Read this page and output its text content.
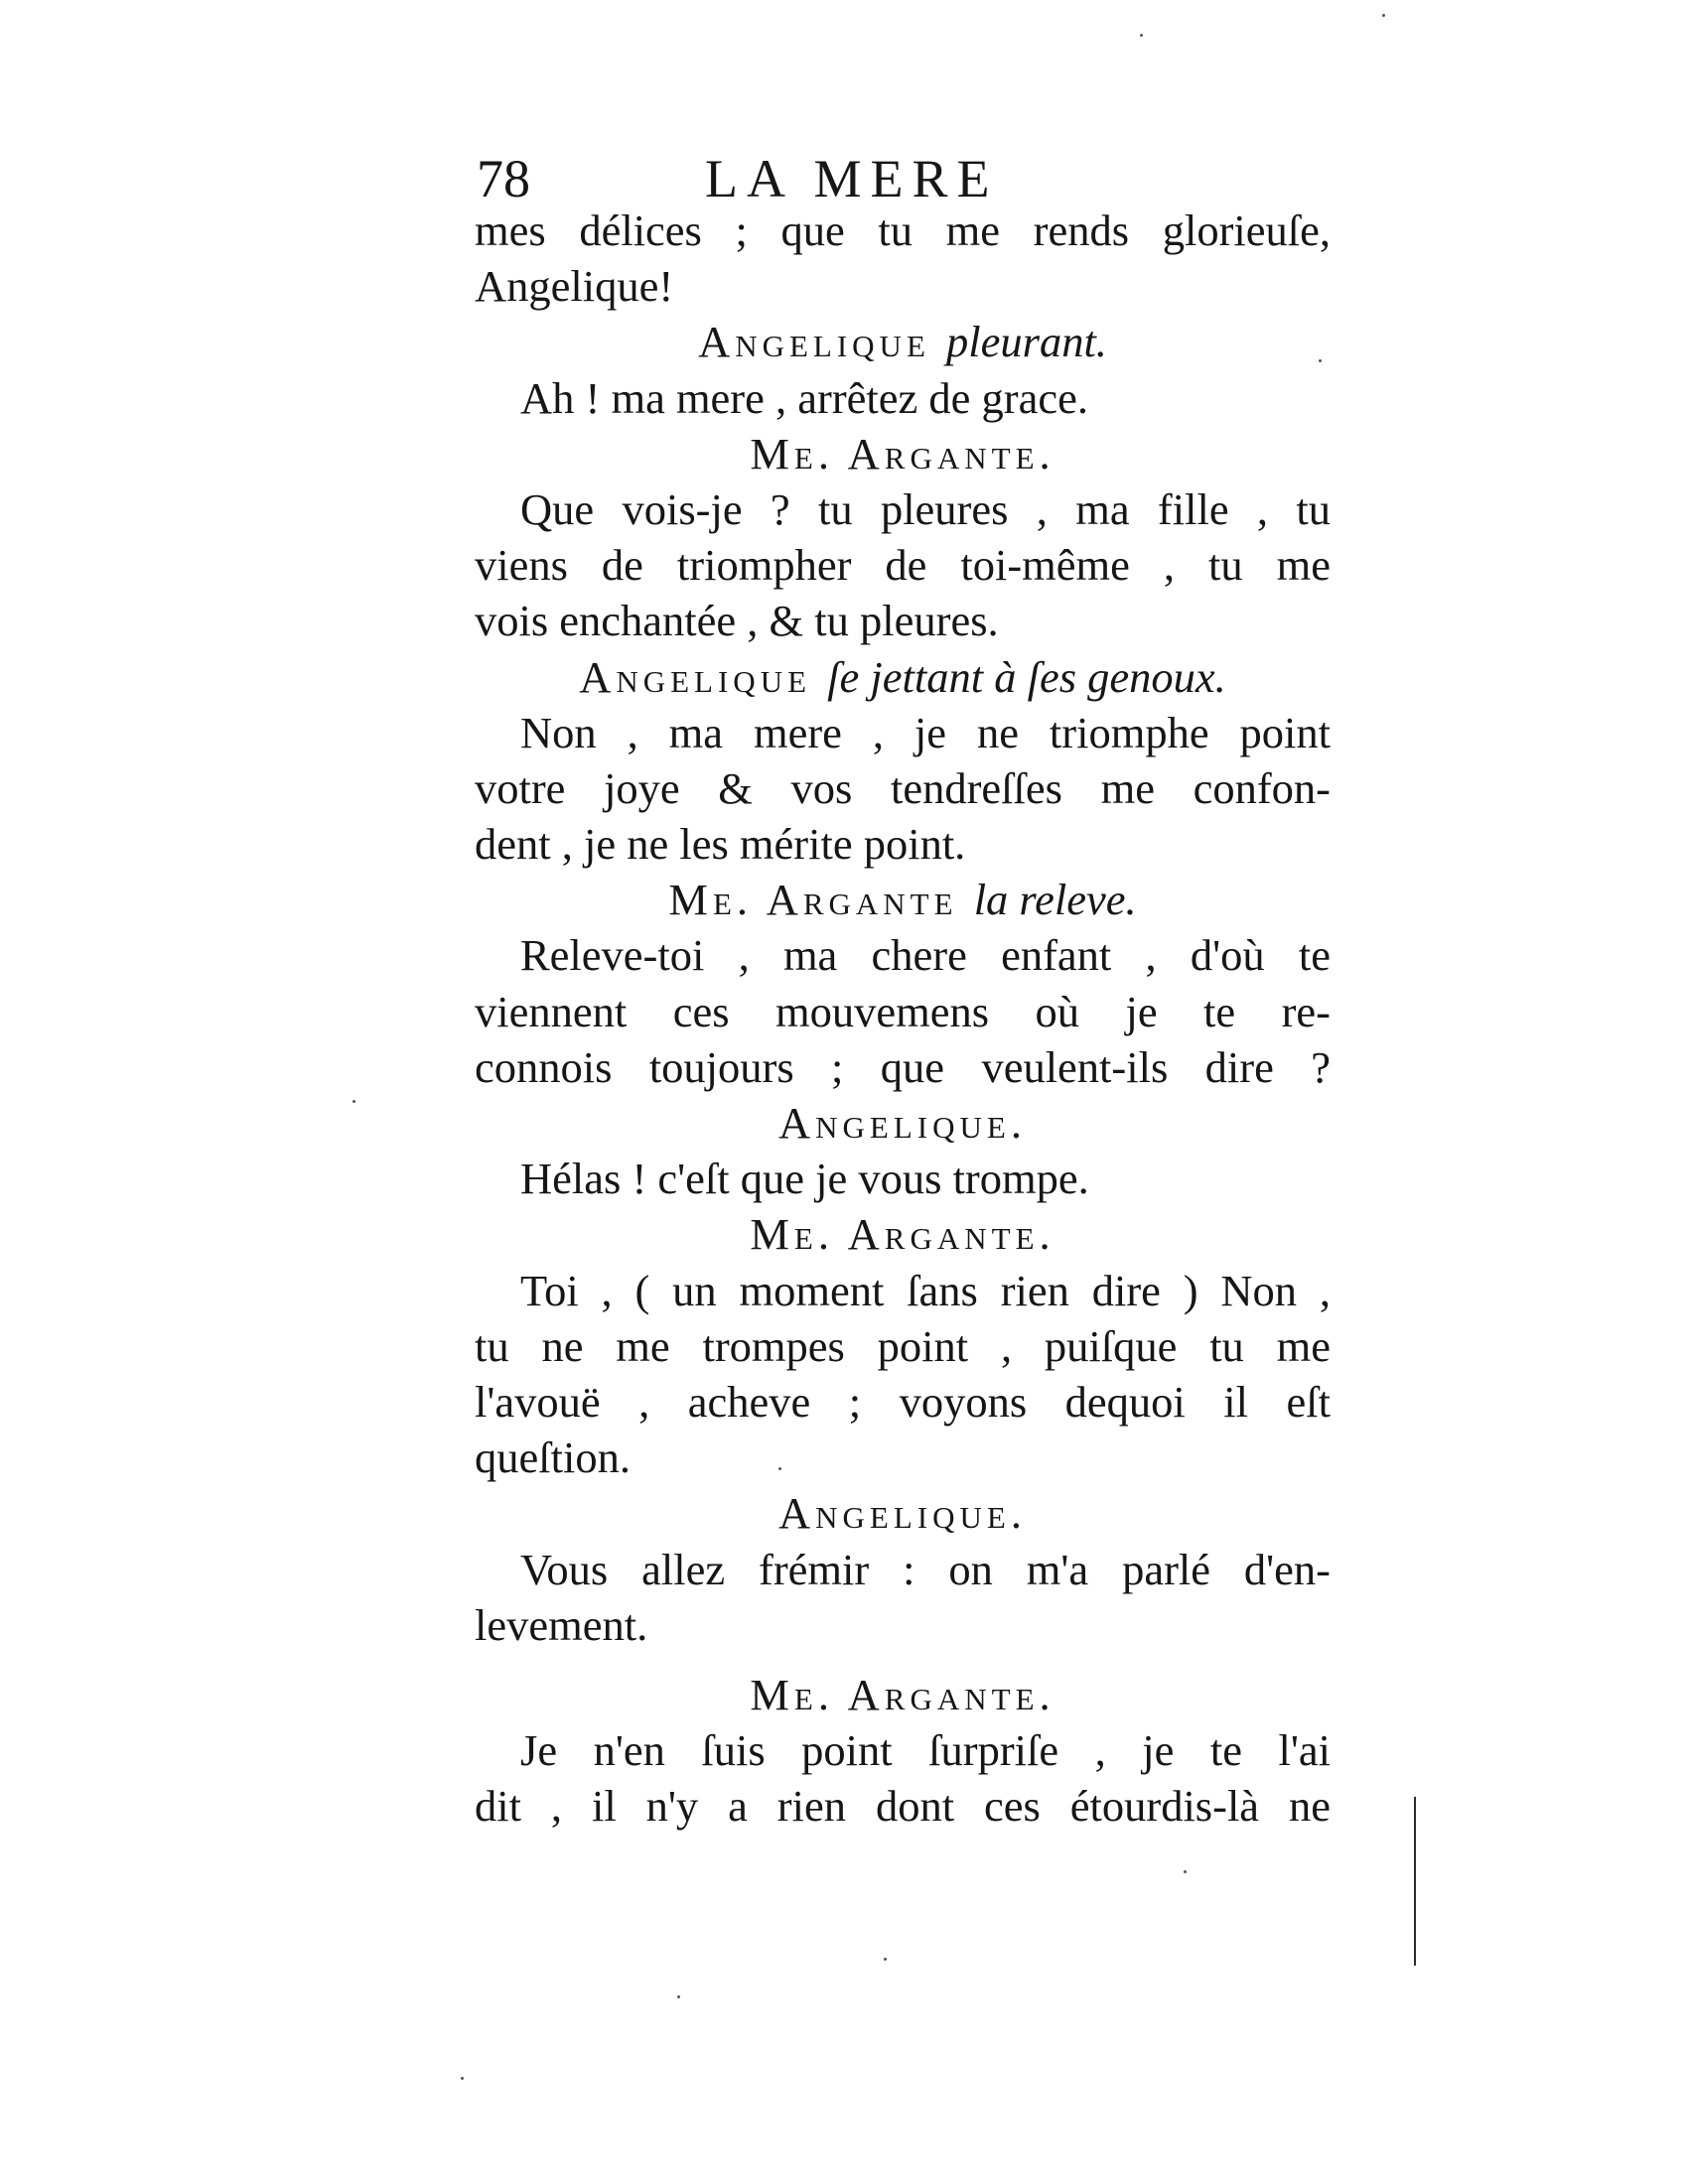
78	LA MERE
mes délices ; que tu me rends glorieuſe,
Angelique!
Angelique pleurant.
Ah ! ma mere , arrêtez de grace.
Me. Argante.
Que vois-je ? tu pleures , ma fille , tu
viens de triompher de toi-même , tu me
vois enchantée , & tu pleures.
Angelique ſe jettant à ſes genoux.
Non , ma mere , je ne triomphe point
votre joye & vos tendreſſes me confon-
dent , je ne les mérite point.
Me. Argante la releve.
Releve-toi , ma chere enfant , d'où te
viennent ces mouvemens où je te re-
connois toujours ; que veulent-ils dire ?
Angelique.
Hélas ! c'eſt que je vous trompe.
Me. Argante.
Toi , ( un moment ſans rien dire ) Non ,
tu ne me trompes point , puiſque tu me
l'avouë , acheve ; voyons dequoi il eſt
queſtion.
Angelique.
Vous allez frémir : on m'a parlé d'en-
levement.
Me. Argante.
Je n'en ſuis point ſurpriſe , je te l'ai
dit , il n'y a rien dont ces étourdis-là ne
